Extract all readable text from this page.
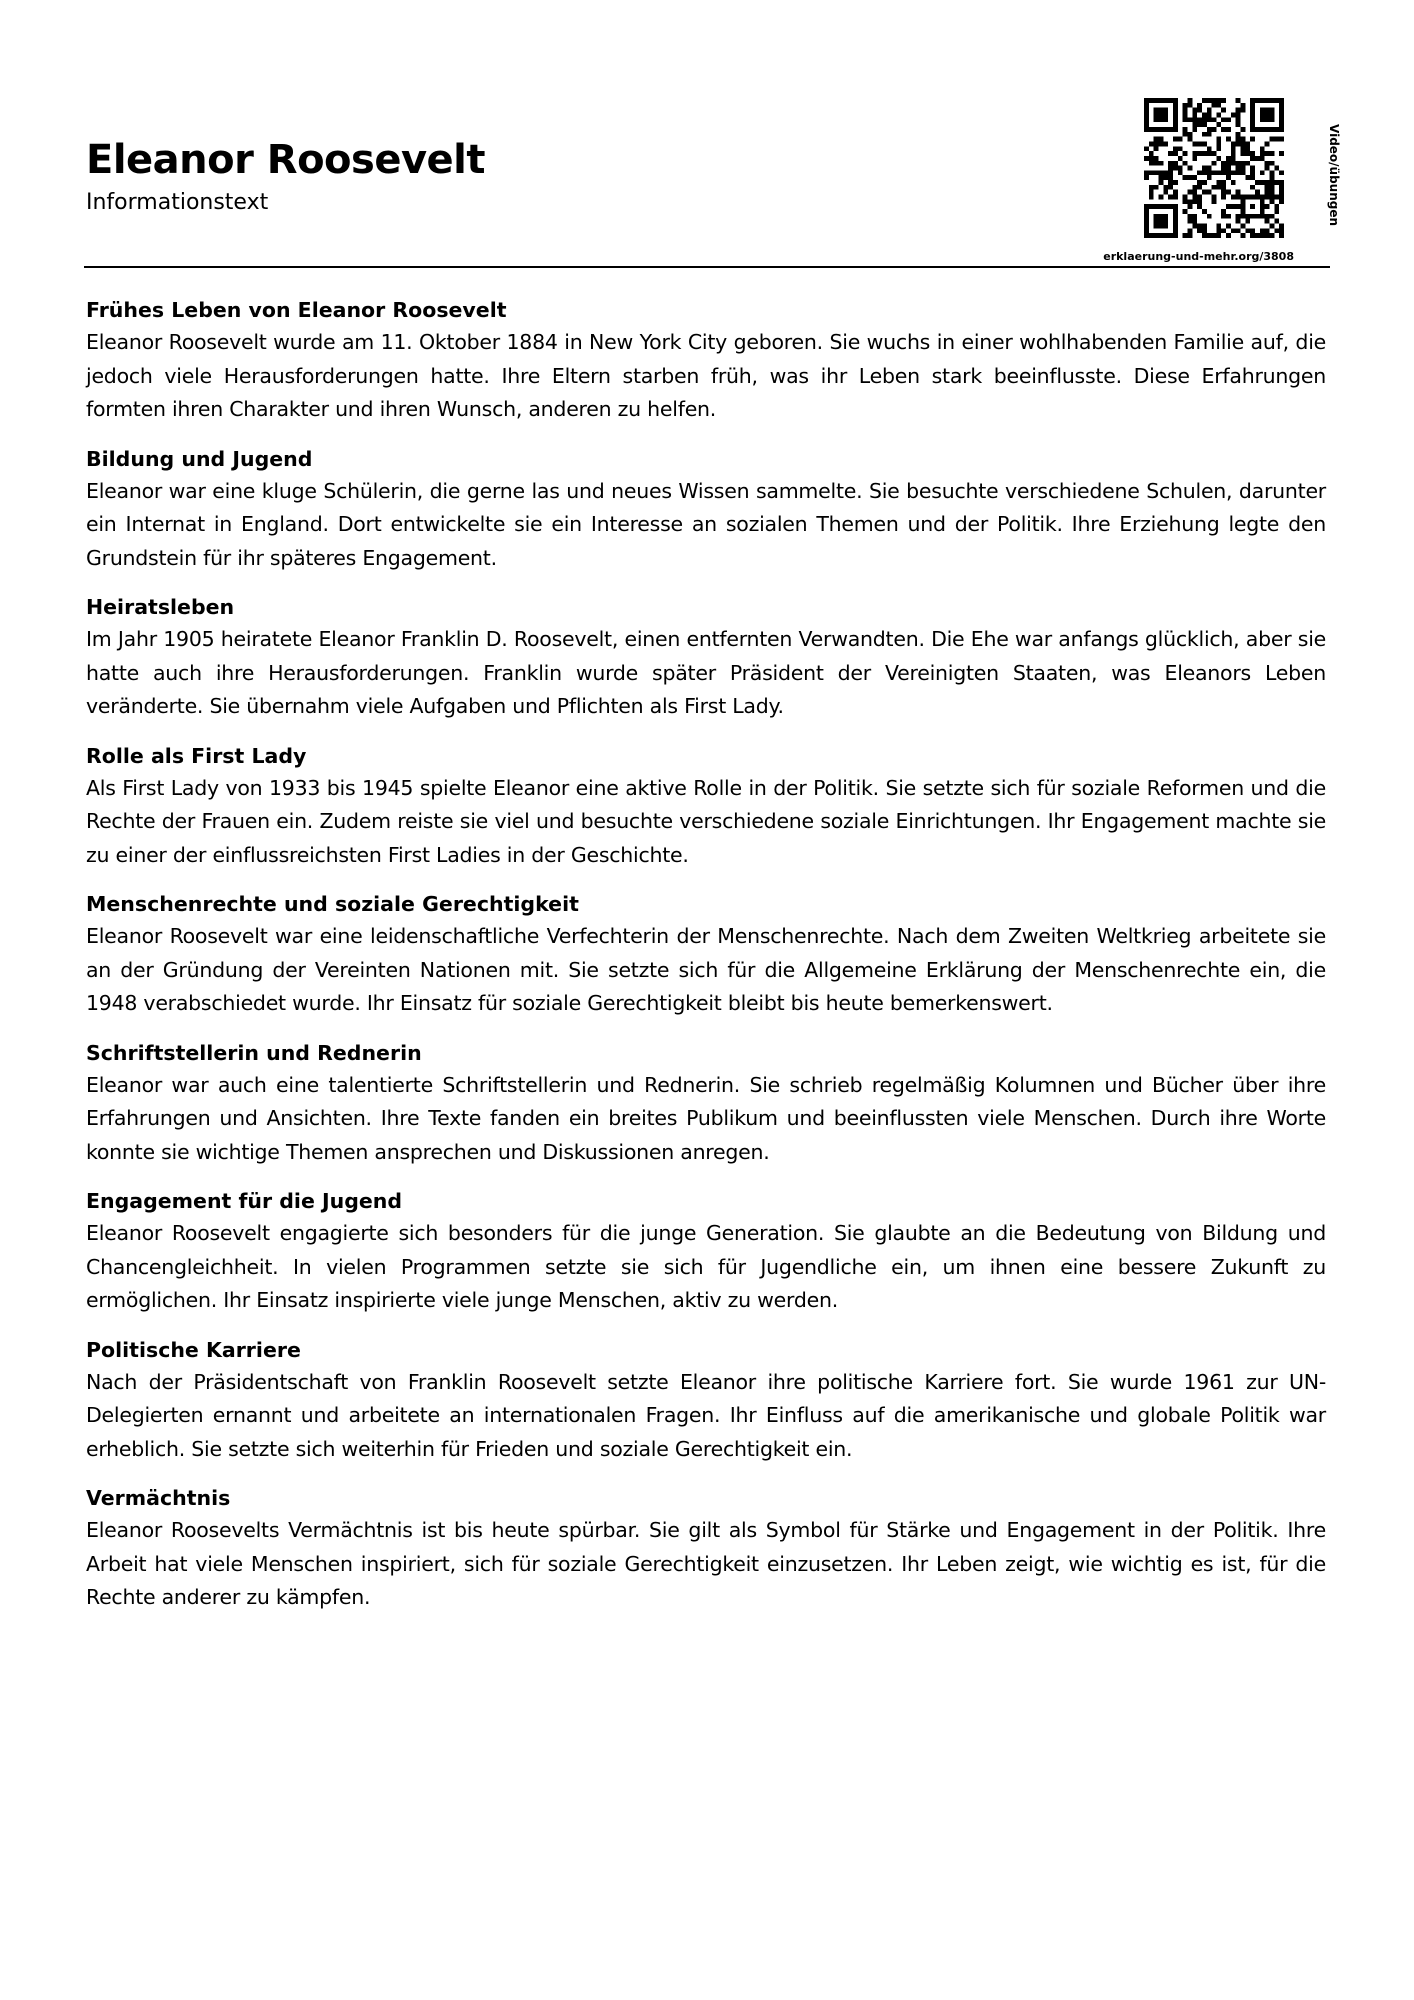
Eleanor Roosevelt
Informationstext	Video/übungen
erklaerung-und-mehr.org/3808
Frühes Leben von Eleanor Roosevelt

Eleanor Roosevelt wurde am 11. Oktober 1884 in New York City geboren. Sie wuchs in einer wohlhabenden Familie auf, die jedoch viele Herausforderungen hatte. Ihre Eltern starben früh, was ihr Leben stark beeinflusste. Diese Erfahrungen formten ihren Charakter und ihren Wunsch, anderen zu helfen.

Bildung und Jugend

Eleanor war eine kluge Schülerin, die gerne las und neues Wissen sammelte. Sie besuchte verschiedene Schulen, darunter ein Internat in England. Dort entwickelte sie ein Interesse an sozialen Themen und der Politik. Ihre Erziehung legte den Grundstein für ihr späteres Engagement.

Heiratsleben

Im Jahr 1905 heiratete Eleanor Franklin D. Roosevelt, einen entfernten Verwandten. Die Ehe war anfangs glücklich, aber sie hatte auch ihre Herausforderungen. Franklin wurde später Präsident der Vereinigten Staaten, was Eleanors Leben veränderte. Sie übernahm viele Aufgaben und Pflichten als First Lady.

Rolle als First Lady

Als First Lady von 1933 bis 1945 spielte Eleanor eine aktive Rolle in der Politik. Sie setzte sich für soziale Reformen und die Rechte der Frauen ein. Zudem reiste sie viel und besuchte verschiedene soziale Einrichtungen. Ihr Engagement machte sie zu einer der einflussreichsten First Ladies in der Geschichte.

Menschenrechte und soziale Gerechtigkeit

Eleanor Roosevelt war eine leidenschaftliche Verfechterin der Menschenrechte. Nach dem Zweiten Weltkrieg arbeitete sie an der Gründung der Vereinten Nationen mit. Sie setzte sich für die Allgemeine Erklärung der Menschenrechte ein, die 1948 verabschiedet wurde. Ihr Einsatz für soziale Gerechtigkeit bleibt bis heute bemerkenswert.

Schriftstellerin und Rednerin

Eleanor war auch eine talentierte Schriftstellerin und Rednerin. Sie schrieb regelmäßig Kolumnen und Bücher über ihre Erfahrungen und Ansichten. Ihre Texte fanden ein breites Publikum und beeinflussten viele Menschen. Durch ihre Worte konnte sie wichtige Themen ansprechen und Diskussionen anregen.

Engagement für die Jugend

Eleanor Roosevelt engagierte sich besonders für die junge Generation. Sie glaubte an die Bedeutung von Bildung und Chancengleichheit. In vielen Programmen setzte sie sich für Jugendliche ein, um ihnen eine bessere Zukunft zu ermöglichen. Ihr Einsatz inspirierte viele junge Menschen, aktiv zu werden.

Politische Karriere

Nach der Präsidentschaft von Franklin Roosevelt setzte Eleanor ihre politische Karriere fort. Sie wurde 1961 zur UN-Delegierten ernannt und arbeitete an internationalen Fragen. Ihr Einfluss auf die amerikanische und globale Politik war erheblich. Sie setzte sich weiterhin für Frieden und soziale Gerechtigkeit ein.

Vermächtnis

Eleanor Roosevelts Vermächtnis ist bis heute spürbar. Sie gilt als Symbol für Stärke und Engagement in der Politik. Ihre Arbeit hat viele Menschen inspiriert, sich für soziale Gerechtigkeit einzusetzen. Ihr Leben zeigt, wie wichtig es ist, für die Rechte anderer zu kämpfen.
